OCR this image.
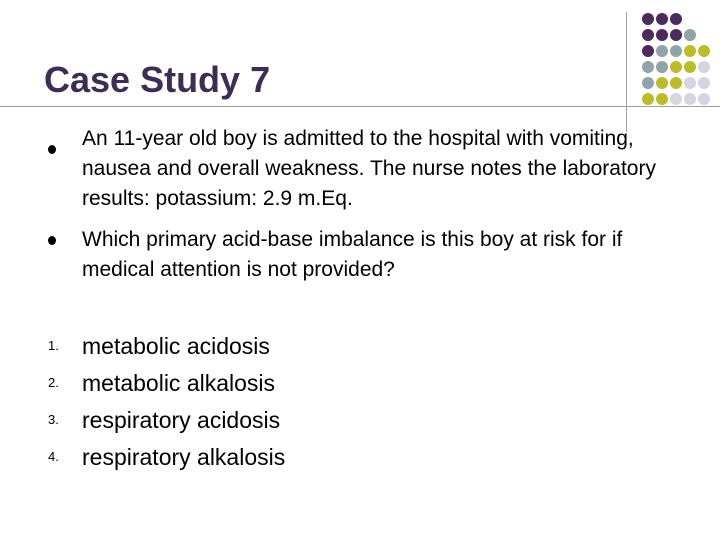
Case Study 7
An 11-year old boy is admitted to the hospital with vomiting, nausea and overall weakness. The nurse notes the laboratory results: potassium: 2.9 m.Eq.
Which primary acid-base imbalance is this boy at risk for if medical attention is not provided?
1. metabolic acidosis
2. metabolic alkalosis
3. respiratory acidosis
4. respiratory alkalosis
